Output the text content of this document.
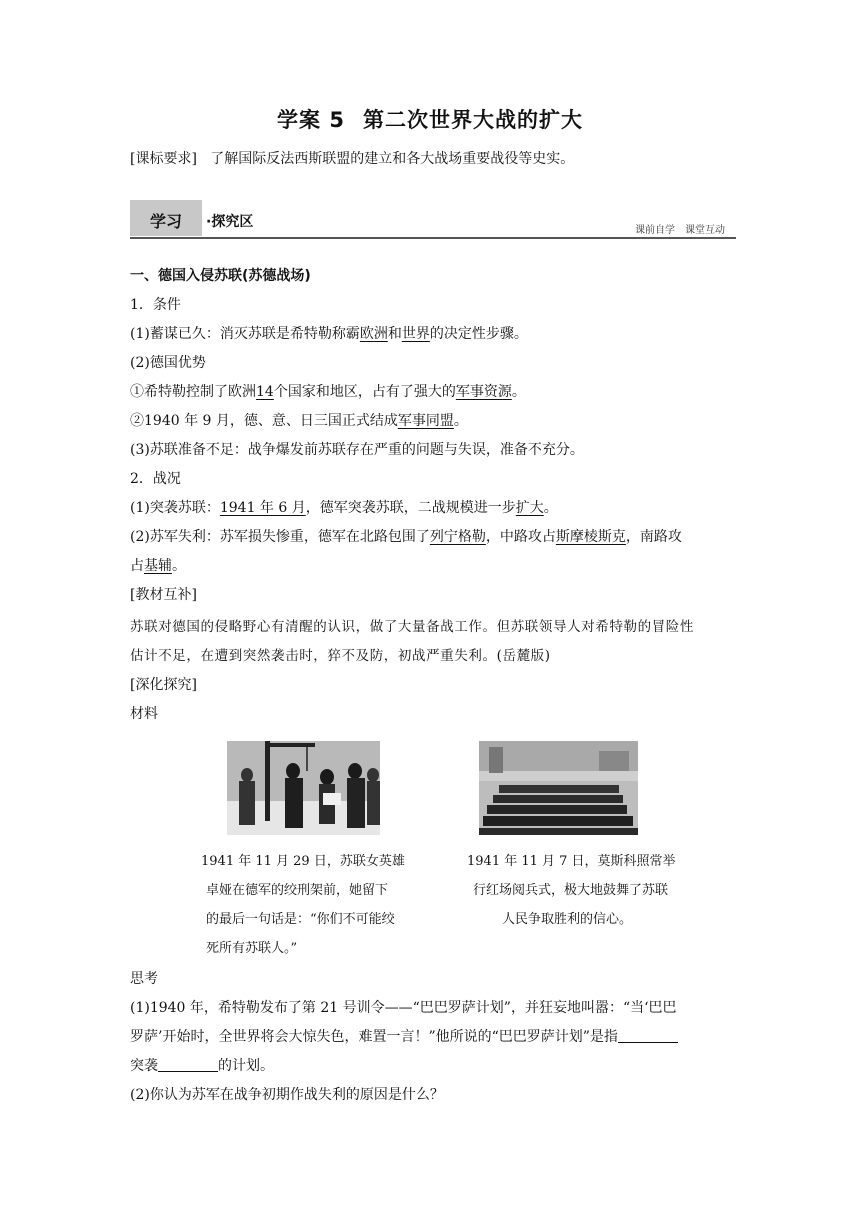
学案 5 第二次世界大战的扩大
[课标要求] 了解国际反法西斯联盟的建立和各大战场重要战役等史实。
学习 ·探究区
课前自学　课堂互动
一、德国入侵苏联(苏德战场)
1．条件
(1)蓄谋已久：消灭苏联是希特勒称霸欧洲和世界的决定性步骤。
(2)德国优势
①希特勒控制了欧洲14个国家和地区，占有了强大的军事资源。
②1940 年 9 月，德、意、日三国正式结成军事同盟。
(3)苏联准备不足：战争爆发前苏联存在严重的问题与失误，准备不充分。
2．战况
(1)突袭苏联：1941 年 6 月，德军突袭苏联，二战规模进一步扩大。
(2)苏军失利：苏军损失惨重，德军在北路包围了列宁格勒，中路攻占斯摩棱斯克，南路攻
占基辅。
[教材互补]
苏联对德国的侵略野心有清醒的认识，做了大量备战工作。但苏联领导人对希特勒的冒险性
估计不足，在遭到突然袭击时，猝不及防，初战严重失利。(岳麓版)
[深化探究]
材料
1941 年 11 月 29 日，苏联女英雄
卓娅在德军的绞刑架前，她留下
的最后一句话是：“你们不可能绞
死所有苏联人。”
1941 年 11 月 7 日，莫斯科照常举
行红场阅兵式，极大地鼓舞了苏联
人民争取胜利的信心。
思考
(1)1940 年，希特勒发布了第 21 号训令——“巴巴罗萨计划”，并狂妄地叫嚣：“当‘巴巴
罗萨’开始时，全世界将会大惊失色，难置一言！”他所说的“巴巴罗萨计划”是指
突袭	的计划。
(2)你认为苏军在战争初期作战失利的原因是什么？
